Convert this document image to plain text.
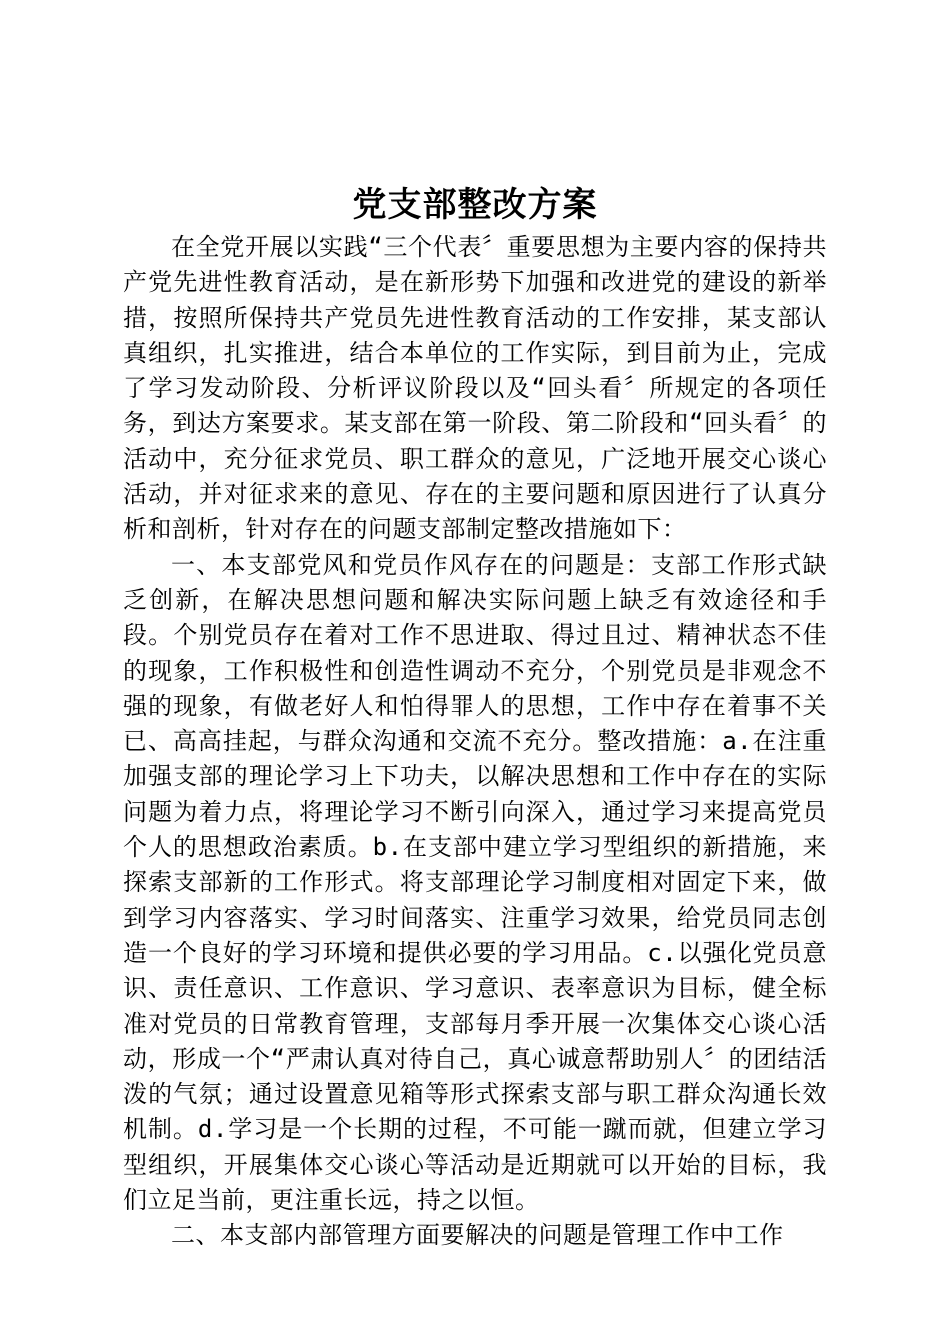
党支部整改方案

在全党开展以实践“三个代表〞重要思想为主要内容的保持共产党先进性教育活动，是在新形势下加强和改进党的建设的新举措，按照所保持共产党员先进性教育活动的工作安排，某支部认真组织，扎实推进，结合本单位的工作实际，到目前为止，完成了学习发动阶段、分析评议阶段以及“回头看〞所规定的各项任务，到达方案要求。某支部在第一阶段、第二阶段和“回头看〞的活动中，充分征求党员、职工群众的意见，广泛地开展交心谈心活动，并对征求来的意见、存在的主要问题和原因进行了认真分析和剖析，针对存在的问题支部制定整改措施如下：

一、本支部党风和党员作风存在的问题是：支部工作形式缺乏创新，在解决思想问题和解决实际问题上缺乏有效途径和手段。个别党员存在着对工作不思进取、得过且过、精神状态不佳的现象，工作积极性和创造性调动不充分，个别党员是非观念不强的现象，有做老好人和怕得罪人的思想，工作中存在着事不关已、高高挂起，与群众沟通和交流不充分。整改措施：a.在注重加强支部的理论学习上下功夫，以解决思想和工作中存在的实际问题为着力点，将理论学习不断引向深入，通过学习来提高党员个人的思想政治素质。b.在支部中建立学习型组织的新措施，来探索支部新的工作形式。将支部理论学习制度相对固定下来，做到学习内容落实、学习时间落实、注重学习效果，给党员同志创造一个良好的学习环境和提供必要的学习用品。c.以强化党员意识、责任意识、工作意识、学习意识、表率意识为目标，健全标准对党员的日常教育管理，支部每月季开展一次集体交心谈心活动，形成一个“严肃认真对待自己，真心诚意帮助别人〞的团结活泼的气氛；通过设置意见箱等形式探索支部与职工群众沟通长效机制。d.学习是一个长期的过程，不可能一蹴而就，但建立学习型组织，开展集体交心谈心等活动是近期就可以开始的目标，我们立足当前，更注重长远，持之以恒。

二、本支部内部管理方面要解决的问题是管理工作中工作
